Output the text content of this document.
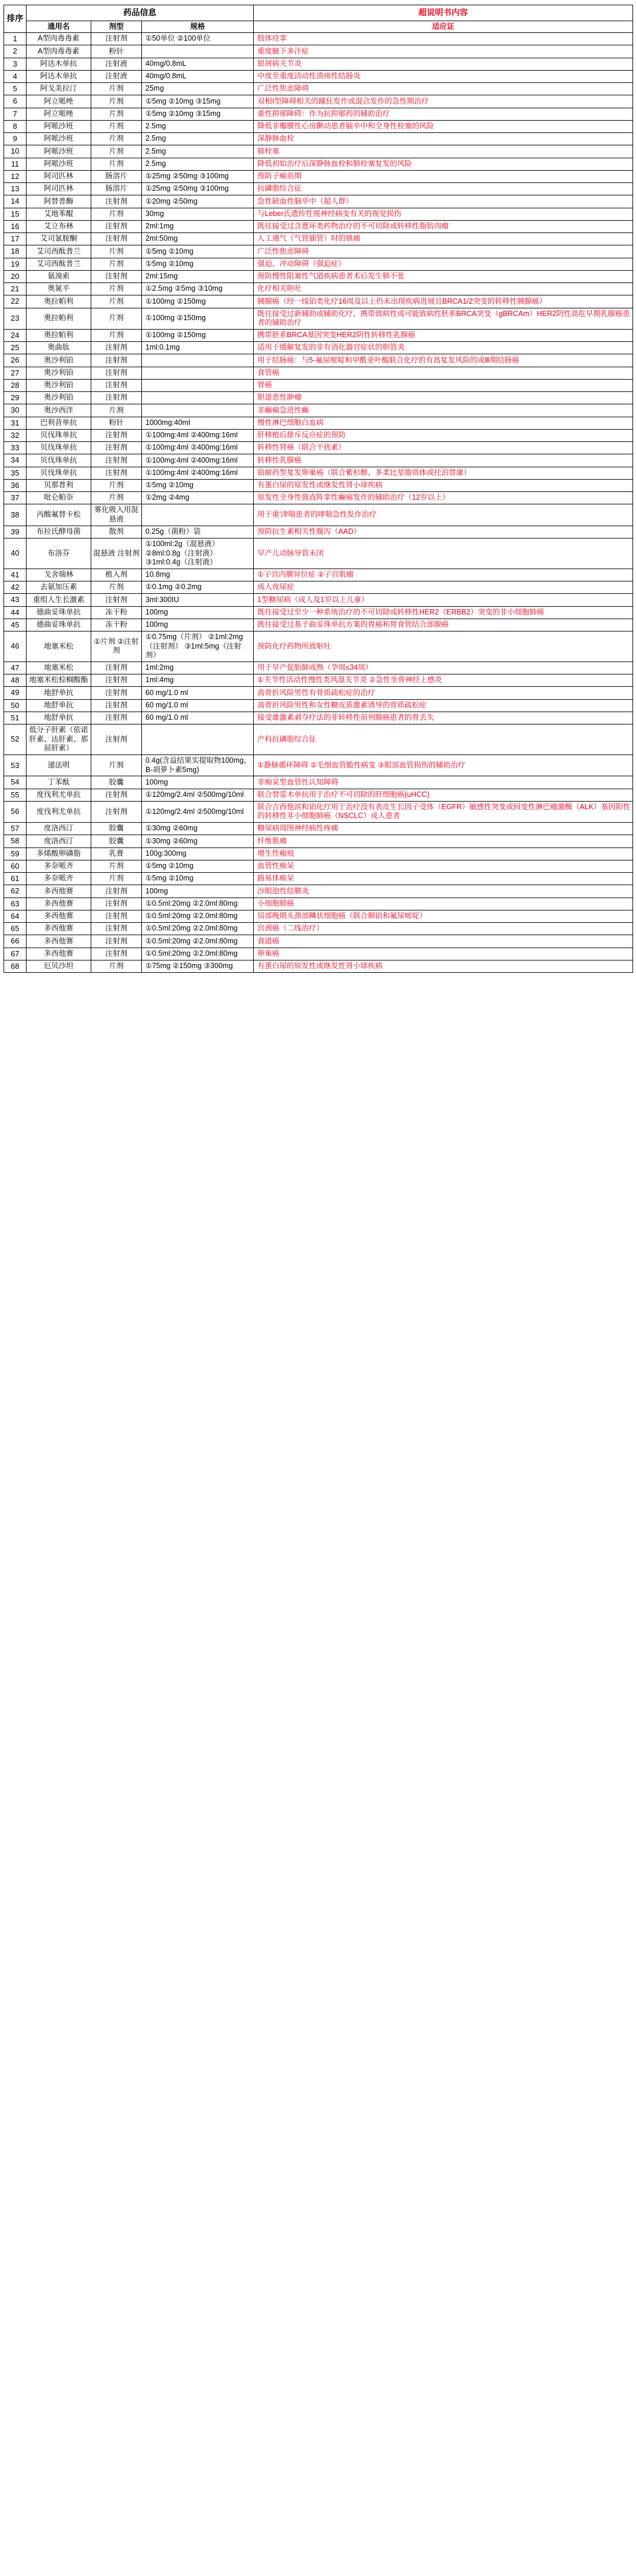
排序	药品信息			超说明书内容
	通用名	剂型	规格	适应证
1	A型肉毒毒素	注射剂	①50单位 ②100单位	肢体痉挛
2	A型肉毒毒素	粉针		重度腋下多汗症
3	阿达木单抗	注射液	40mg/0.8mL	银屑病关节炎
4	阿达木单抗	注射液	40mg/0.8mL	中度至重度活动性溃疡性结肠炎
5	阿戈美拉汀	片剂	25mg	广泛性焦虑障碍
6	阿立哌唑	片剂	①5mg ②10mg ③15mg	双相Ⅰ型障碍相关的躁狂发作或混合发作的急性期治疗
7	阿立哌唑	片剂	①5mg ②10mg ③15mg	重性抑郁障碍：作为抗抑郁药的辅助治疗
8	阿哌沙班	片剂	2.5mg	降低非瓣膜性心房颤动患者脑卒中和全身性栓塞的风险
9	阿哌沙班	片剂	2.5mg	深静脉血栓
10	阿哌沙班	片剂	2.5mg	肺栓塞
11	阿哌沙班	片剂	2.5mg	降低初始治疗后深静脉血栓和肺栓塞复发的风险
12	阿司匹林	肠溶片	①25mg ②50mg ③100mg	预防子痫前期
13	阿司匹林	肠溶片	①25mg ②50mg ③100mg	抗磷脂综合征
14	阿替普酶	注射剂	①20mg ②50mg	急性缺血性脑卒中（超人群）
15	艾地苯醌	片剂	30mg	与Leber氏遗传性视神经病变有关的视觉损伤
16	艾立布林	注射剂	2ml:1mg	既往接受过含蒽环类药物治疗的不可切除或转移性脂肪肉瘤
17	艾司氯胺酮	注射剂	2ml:50mg	人工通气（气管插管）时的镇痛
18	艾司西酞普兰	片剂	①5mg ②10mg	广泛性焦虑障碍
19	艾司西酞普兰	片剂	①5mg ②10mg	强迫、冲动障碍（强迫症）
20	氨溴索	注射剂	2ml:15mg	预防慢性阻塞性气道疾病患者术后发生肺不张
21	奥氮平	片剂	①2.5mg ②5mg ③10mg	化疗相关呕吐
22	奥拉帕利	片剂	①100mg ②150mg	胰腺癌（经一线铂类化疗16周及以上仍未出现疾病进展且BRCA1/2突变的转移性胰腺癌）
23	奥拉帕利	片剂	①100mg ②150mg	既往接受过新辅助或辅助化疗、携带致病性或可能致病性胚系BRCA突变（gBRCAm）HER2阴性高危早期乳腺癌患者的辅助治疗
24	奥拉帕利	片剂	①100mg ②150mg	携带胚系BRCA基因突变HER2阴性转移性乳腺癌
25	奥曲肽	注射剂	1ml:0.1mg	适用于缓解复发的非有消化器官症状的胆管炎
26	奥沙利铂	注射剂		用于结肠癌：与5-氟尿嘧啶和甲酰亚叶酸联合化疗的有高复发风险的或Ⅲ期结肠癌
27	奥沙利铂	注射剂		食管癌
28	奥沙利铂	注射剂		胃癌
29	奥沙利铂	注射剂		胆道恶性肿瘤
30	奥沙西泮	片剂		非癫痫急进性癫
31	巴利昔单抗	粉针	1000mg:40ml	慢性淋巴细胞白血病
32	贝伐珠单抗	注射剂	①100mg:4ml ②400mg:16ml	肝移植后排斥反应症的预防
33	贝伐珠单抗	注射剂	①100mg:4ml ②400mg:16ml	转移性肾癌（联合干扰素）
34	贝伐珠单抗	注射剂	①100mg:4ml ②400mg:16ml	转移性乳腺癌
35	贝伐珠单抗	注射剂	①100mg:4ml ②400mg:16ml	铂耐药型复发卵巢癌（联合紫杉醇、多柔比星脂质体或托泊替康）
36	贝那普利	片剂	①5mg ②10mg	有蛋白尿的原发性或继发性肾小球疾病
37	吡仑帕奈	片剂	①2mg ②4mg	原发性全身性强直阵挛性癫痫发作的辅助治疗（12岁以上）
38	丙酸氟替卡松	雾化吸入用混悬液		用于重'津喘患者的哮喘急性发作治疗
39	布拉氏酵母菌	散剂	0.25g（菌粉）袋	预防抗生素相关性腹泻（AAD）
40	布洛芬	混悬液 注射剂	①100ml:2g（混悬液） ②8ml:0.8g（注射液） ③1ml:0.4g（注射液）	早产儿动脉导管未闭
41	戈舍瑞林	植入剂	10.8mg	①子宫内膜异位症 ②子宫肌瘤
42	去氨加压素	片剂	①0.1mg ②0.2mg	成人夜尿症
43	重组人生长激素	注射剂	3ml:300IU	1型糖尿病（成人及1岁以上儿童）
44	德曲妥珠单抗	冻干粉	100mg	既往接受过至少一种系统治疗的不可切除或转移性HER2（ERBB2）突变的非小细胞肺癌
45	德曲妥珠单抗	冻干粉	100mg	既往接受过基于曲妥珠单抗方案的胃癌和胃食管结合部腺癌
46	地塞米松	①片剂 ②注射剂	①0.75mg（片剂） ②1ml:2mg（注射剂） ③1ml:5mg（注射剂）	预防化疗药物所致呕吐
47	地塞米松	注射剂	1ml:2mg	用于早产促胎肺成熟（孕周≤34周）
48	地塞米松棕榈酸酯	注射剂	1ml:4mg	①关节性活动性慢性类风湿关节炎 ②急性坐骨神经上感炎
49	地舒单抗	注射剂	60 mg/1.0 ml	高骨折风险男性有骨质疏松症的治疗
50	地舒单抗	注射剂	60 mg/1.0 ml	高骨折风险男性和女性糖皮质激素诱导的骨质疏松症
51	地舒单抗	注射剂	60 mg/1.0 ml	接受雄激素剥夺疗法的非转移性前列腺癌患者的骨丢失
52	低分子肝素（依诺肝素、达肝素、那屈肝素）	注射剂		产科抗磷脂综合征
53	递法明	片剂	0.4g(含益结果实提取物100mg、B-胡萝卜素5mg)	①静脉循环障碍 ②毛细血管脆性病变 ③眼部血管损伤的辅助治疗
54	丁苯酞	胶囊	100mg	非痴呆型血管性认知障碍
55	度伐利尤单抗	注射剂	①120mg/2.4ml ②500mg/10ml	联合替雷木单抗用于治疗不可切除的肝细胞癌(uHCC)
56	度伐利尤单抗	注射剂	①120mg/2.4ml ②500mg/10ml	联合吉西他滨和铂化疗用于治疗没有表皮生长因子受体（EGFR）敏感性突变或间变性淋巴瘤激酶（ALK）基因阳性的转移性非小细胞肺癌（NSCLC）成人患者
57	度洛西汀	胶囊	①30mg ②60mg	糖尿病周围神经病性疼痛
58	度洛西汀	胶囊	①30mg ②60mg	纤维肌痛
59	多烯酸卵磷脂	乳膏	100g:300mg	增生性瘢痕
60	多奈哌齐	片剂	①5mg ②10mg	血管性痴呆
61	多奈哌齐	片剂	①5mg ②10mg	路易体痴呆
62	多西他赛	注射剂	100mg	沙眼泡性结膜炎
63	多西他赛	注射剂	①0.5ml:20mg ②2.0ml:80mg	小细胞肺癌
64	多西他赛	注射剂	①0.5ml:20mg ②2.0ml:80mg	局部晚期头颈部鳞状细胞癌（联合顺铂和氟尿嘧啶）
65	多西他赛	注射剂	①0.5ml:20mg ②2.0ml:80mg	宫颈癌（二线治疗）
66	多西他赛	注射剂	①0.5ml:20mg ②2.0ml:80mg	食道癌
67	多西他赛	注射剂	①0.5ml:20mg ②2.0ml:80mg	卵巢癌
68	厄贝沙坦	片剂	①75mg ②150mg ③300mg	有蛋白尿的原发性或继发性肾小球疾病
